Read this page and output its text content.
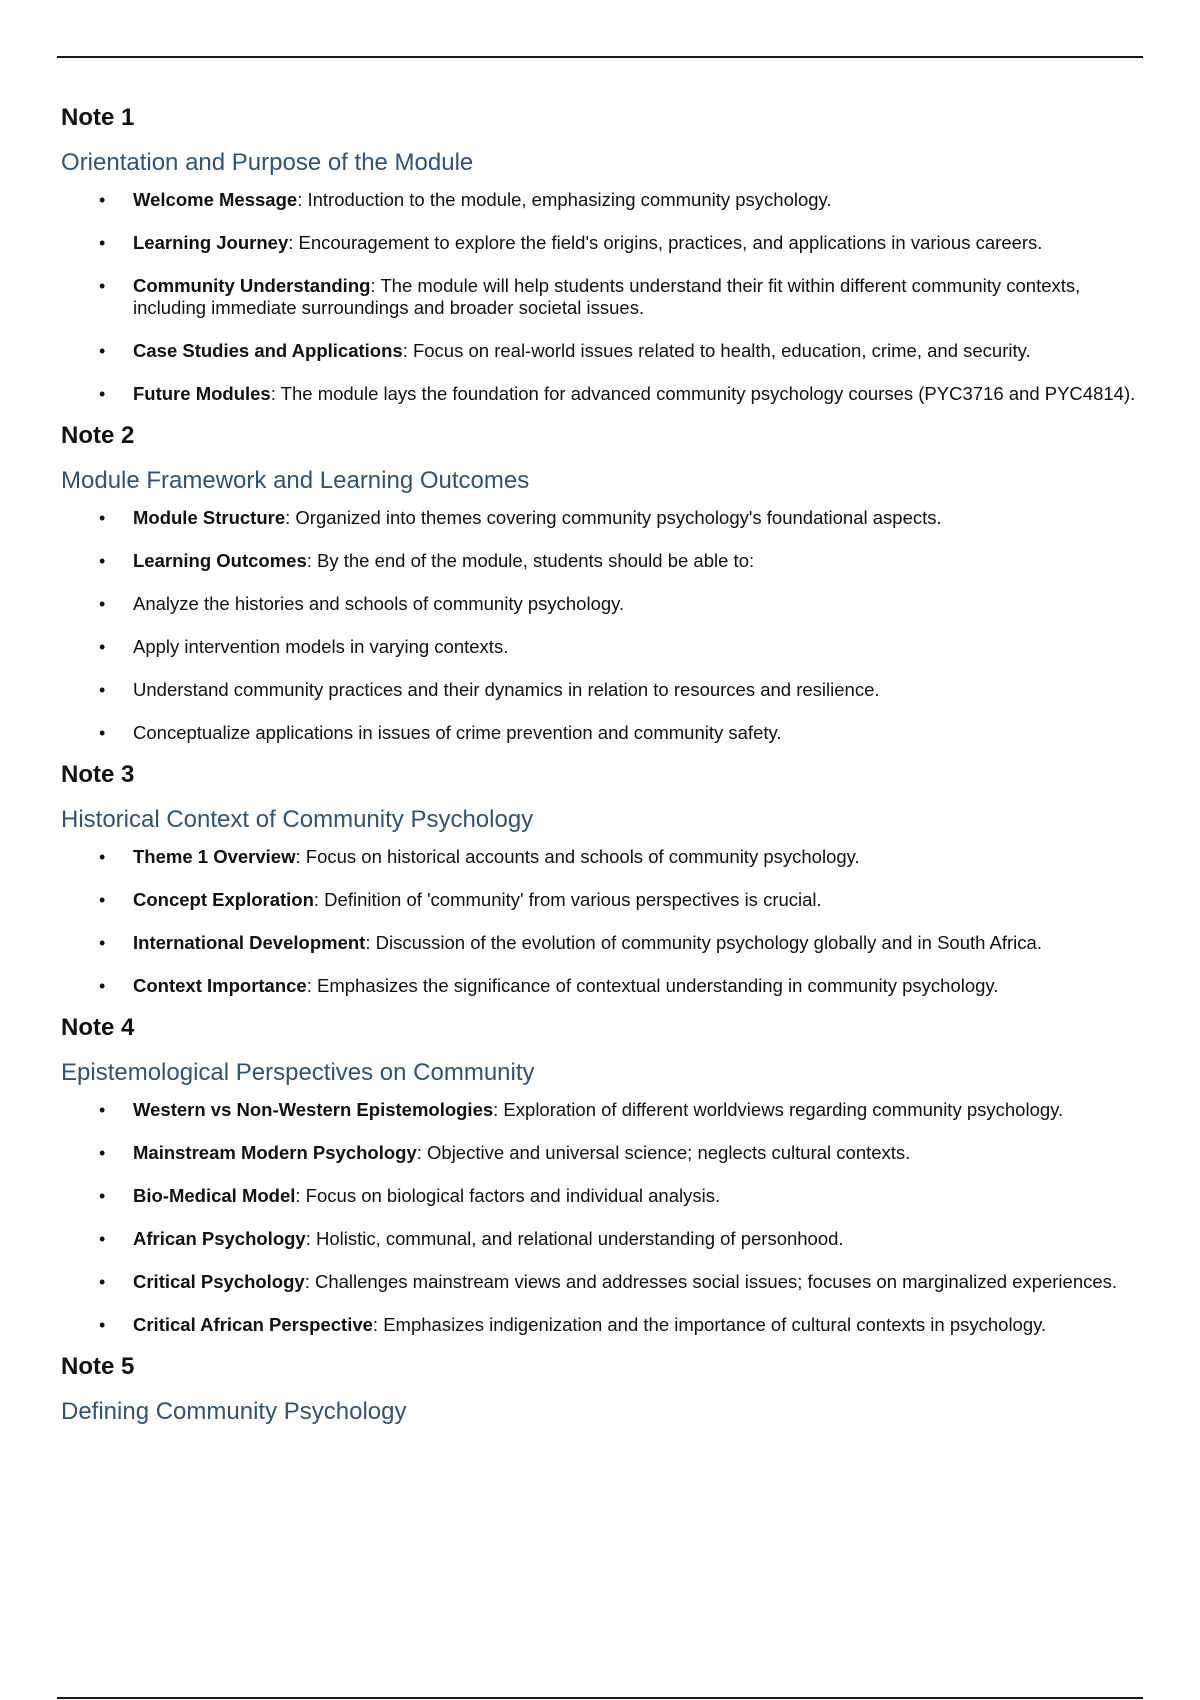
Note 1
Orientation and Purpose of the Module
• Welcome Message: Introduction to the module, emphasizing community psychology.
• Learning Journey: Encouragement to explore the field's origins, practices, and applications in various careers.
• Community Understanding: The module will help students understand their fit within different community contexts, including immediate surroundings and broader societal issues.
• Case Studies and Applications: Focus on real-world issues related to health, education, crime, and security.
• Future Modules: The module lays the foundation for advanced community psychology courses (PYC3716 and PYC4814).
Note 2
Module Framework and Learning Outcomes
• Module Structure: Organized into themes covering community psychology's foundational aspects.
• Learning Outcomes: By the end of the module, students should be able to:
• Analyze the histories and schools of community psychology.
• Apply intervention models in varying contexts.
• Understand community practices and their dynamics in relation to resources and resilience.
• Conceptualize applications in issues of crime prevention and community safety.
Note 3
Historical Context of Community Psychology
• Theme 1 Overview: Focus on historical accounts and schools of community psychology.
• Concept Exploration: Definition of 'community' from various perspectives is crucial.
• International Development: Discussion of the evolution of community psychology globally and in South Africa.
• Context Importance: Emphasizes the significance of contextual understanding in community psychology.
Note 4
Epistemological Perspectives on Community
• Western vs Non-Western Epistemologies: Exploration of different worldviews regarding community psychology.
• Mainstream Modern Psychology: Objective and universal science; neglects cultural contexts.
• Bio-Medical Model: Focus on biological factors and individual analysis.
• African Psychology: Holistic, communal, and relational understanding of personhood.
• Critical Psychology: Challenges mainstream views and addresses social issues; focuses on marginalized experiences.
• Critical African Perspective: Emphasizes indigenization and the importance of cultural contexts in psychology.
Note 5
Defining Community Psychology
